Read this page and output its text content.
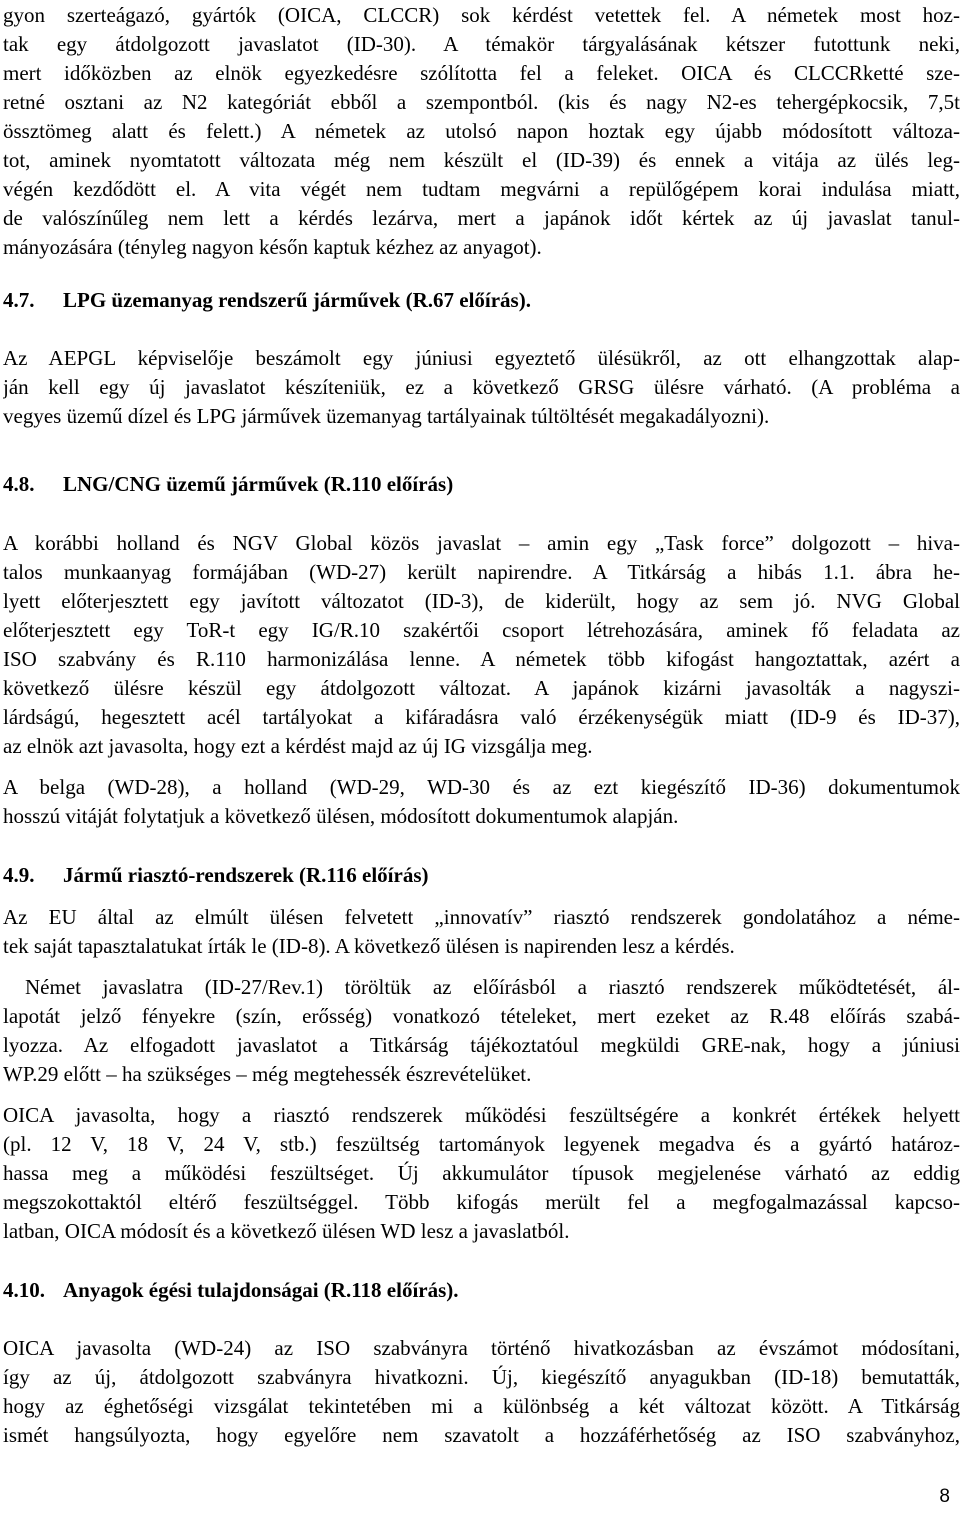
gyon szerteágazó, gyártók (OICA, CLCCR) sok kérdést vetettek fel. A németek most hoz-
tak egy átdolgozott javaslatot (ID-30). A témakör tárgyalásának kétszer futottunk neki,
mert időközben az elnök egyezkedésre szólította fel a feleket. OICA és CLCCRketté sze-
retné osztani az N2 kategóriát ebből a szempontból. (kis és nagy N2-es tehergépkocsik, 7,5t
össztömeg alatt és felett.) A németek az utolsó napon hoztak egy újabb módosított változa-
tot, aminek nyomtatott változata még nem készült el (ID-39) és ennek a vitája az ülés leg-
végén kezdődött el. A vita végét nem tudtam megvárni a repülőgépem korai indulása miatt,
de valószínűleg nem lett a kérdés lezárva, mert a japánok időt kértek az új javaslat tanul-
mányozására (tényleg nagyon későn kaptuk kézhez az anyagot).
4.7. LPG üzemanyag rendszerű járművek (R.67 előírás).
Az AEPGL képviselője beszámolt egy júniusi egyeztető ülésükről, az ott elhangzottak alap-
ján kell egy új javaslatot készíteniük, ez a következő GRSG ülésre várható. (A probléma a
vegyes üzemű dízel és LPG járművek üzemanyag tartályainak túltöltését megakadályozni).
4.8. LNG/CNG üzemű járművek (R.110 előírás)
A korábbi holland és NGV Global közös javaslat – amin egy „Task force” dolgozott – hiva-
talos munkaanyag formájában (WD-27) került napirendre. A Titkárság a hibás 1.1. ábra he-
lyett előterjesztett egy javított változatot (ID-3), de kiderült, hogy az sem jó. NVG Global
előterjesztett egy ToR-t egy IG/R.10 szakértői csoport létrehozására, aminek fő feladata az
ISO szabvány és R.110 harmonizálása lenne. A németek több kifogást hangoztattak, azért a
következő ülésre készül egy átdolgozott változat. A japánok kizárni javasolták a nagyszi-
lárdságú, hegesztett acél tartályokat a kifáradásra való érzékenységük miatt (ID-9 és ID-37),
az elnök azt javasolta, hogy ezt a kérdést majd az új IG vizsgálja meg.
A belga (WD-28), a holland (WD-29, WD-30 és az ezt kiegészítő ID-36) dokumentumok
hosszú vitáját folytatjuk a következő ülésen, módosított dokumentumok alapján.
4.9. Jármű riasztó-rendszerek (R.116 előírás)
Az EU által az elmúlt ülésen felvetett „innovatív” riasztó rendszerek gondolatához a néme-
tek saját tapasztalatukat írták le (ID-8). A következő ülésen is napirenden lesz a kérdés.
Német javaslatra (ID-27/Rev.1) töröltük az előírásból a riasztó rendszerek működtetését, ál-
lapotát jelző fényekre (szín, erősség) vonatkozó tételeket, mert ezeket az R.48 előírás szabá-
lyozza. Az elfogadott javaslatot a Titkárság tájékoztatóul megküldi GRE-nak, hogy a júniusi
WP.29 előtt – ha szükséges – még megtehessék észrevételüket.
OICA javasolta, hogy a riasztó rendszerek működési feszültségére a konkrét értékek helyett
(pl. 12 V, 18 V, 24 V, stb.) feszültség tartományok legyenek megadva és a gyártó határoz-
hassa meg a működési feszültséget. Új akkumulátor típusok megjelenése várható az eddig
megszokottaktól eltérő feszültséggel. Több kifogás merült fel a megfogalmazással kapcso-
latban, OICA módosít és a következő ülésen WD lesz a javaslatból.
4.10. Anyagok égési tulajdonságai (R.118 előírás).
OICA javasolta (WD-24) az ISO szabványra történő hivatkozásban az évszámot módosítani,
így az új, átdolgozott szabványra hivatkozni. Új, kiegészítő anyagukban (ID-18) bemutatták,
hogy az éghetőségi vizsgálat tekintetében mi a különbség a két változat között. A Titkárság
ismét hangsúlyozta, hogy egyelőre nem szavatolt a hozzáférhetőség az ISO szabványhoz,
8
